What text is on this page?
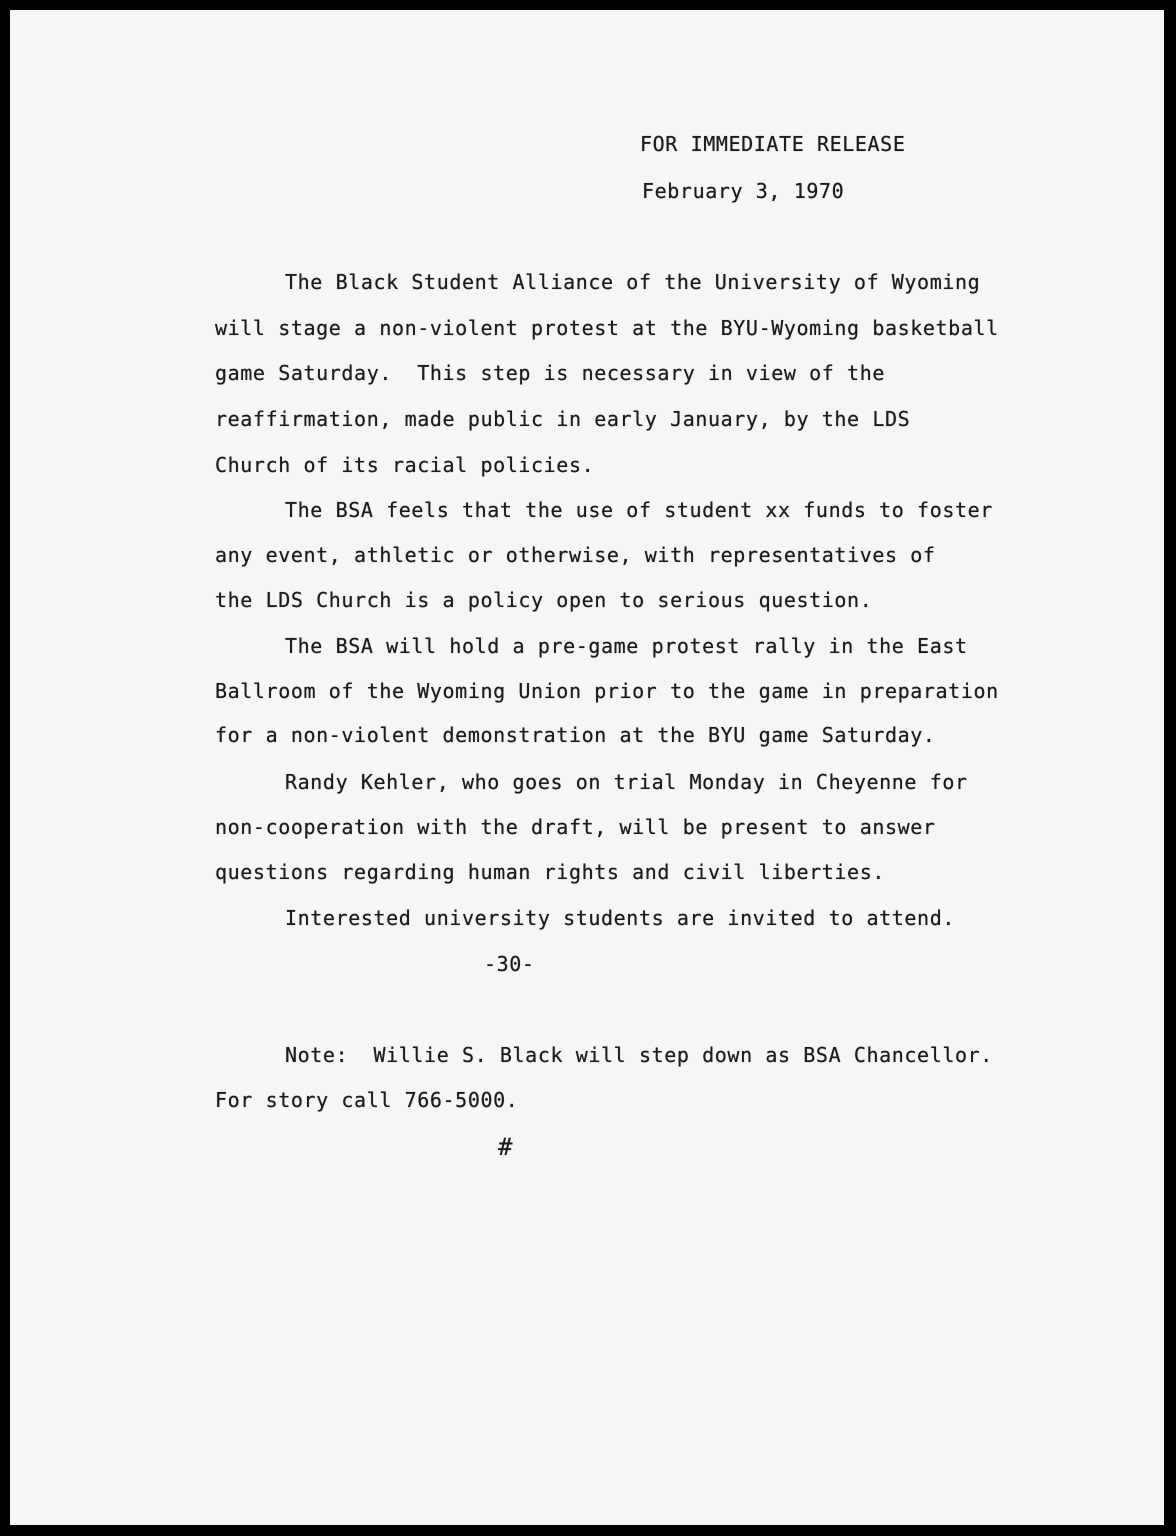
FOR IMMEDIATE RELEASE
February 3, 1970
The Black Student Alliance of the University of Wyoming
will stage a non-violent protest at the BYU-Wyoming basketball
game Saturday.  This step is necessary in view of the
reaffirmation, made public in early January, by the LDS
Church of its racial policies.
The BSA feels that the use of student xx funds to foster
any event, athletic or otherwise, with representatives of
the LDS Church is a policy open to serious question.
The BSA will hold a pre-game protest rally in the East
Ballroom of the Wyoming Union prior to the game in preparation
for a non-violent demonstration at the BYU game Saturday.
Randy Kehler, who goes on trial Monday in Cheyenne for
non-cooperation with the draft, will be present to answer
questions regarding human rights and civil liberties.
Interested university students are invited to attend.
-30-
Note:  Willie S. Black will step down as BSA Chancellor.
For story call 766-5000.
#
